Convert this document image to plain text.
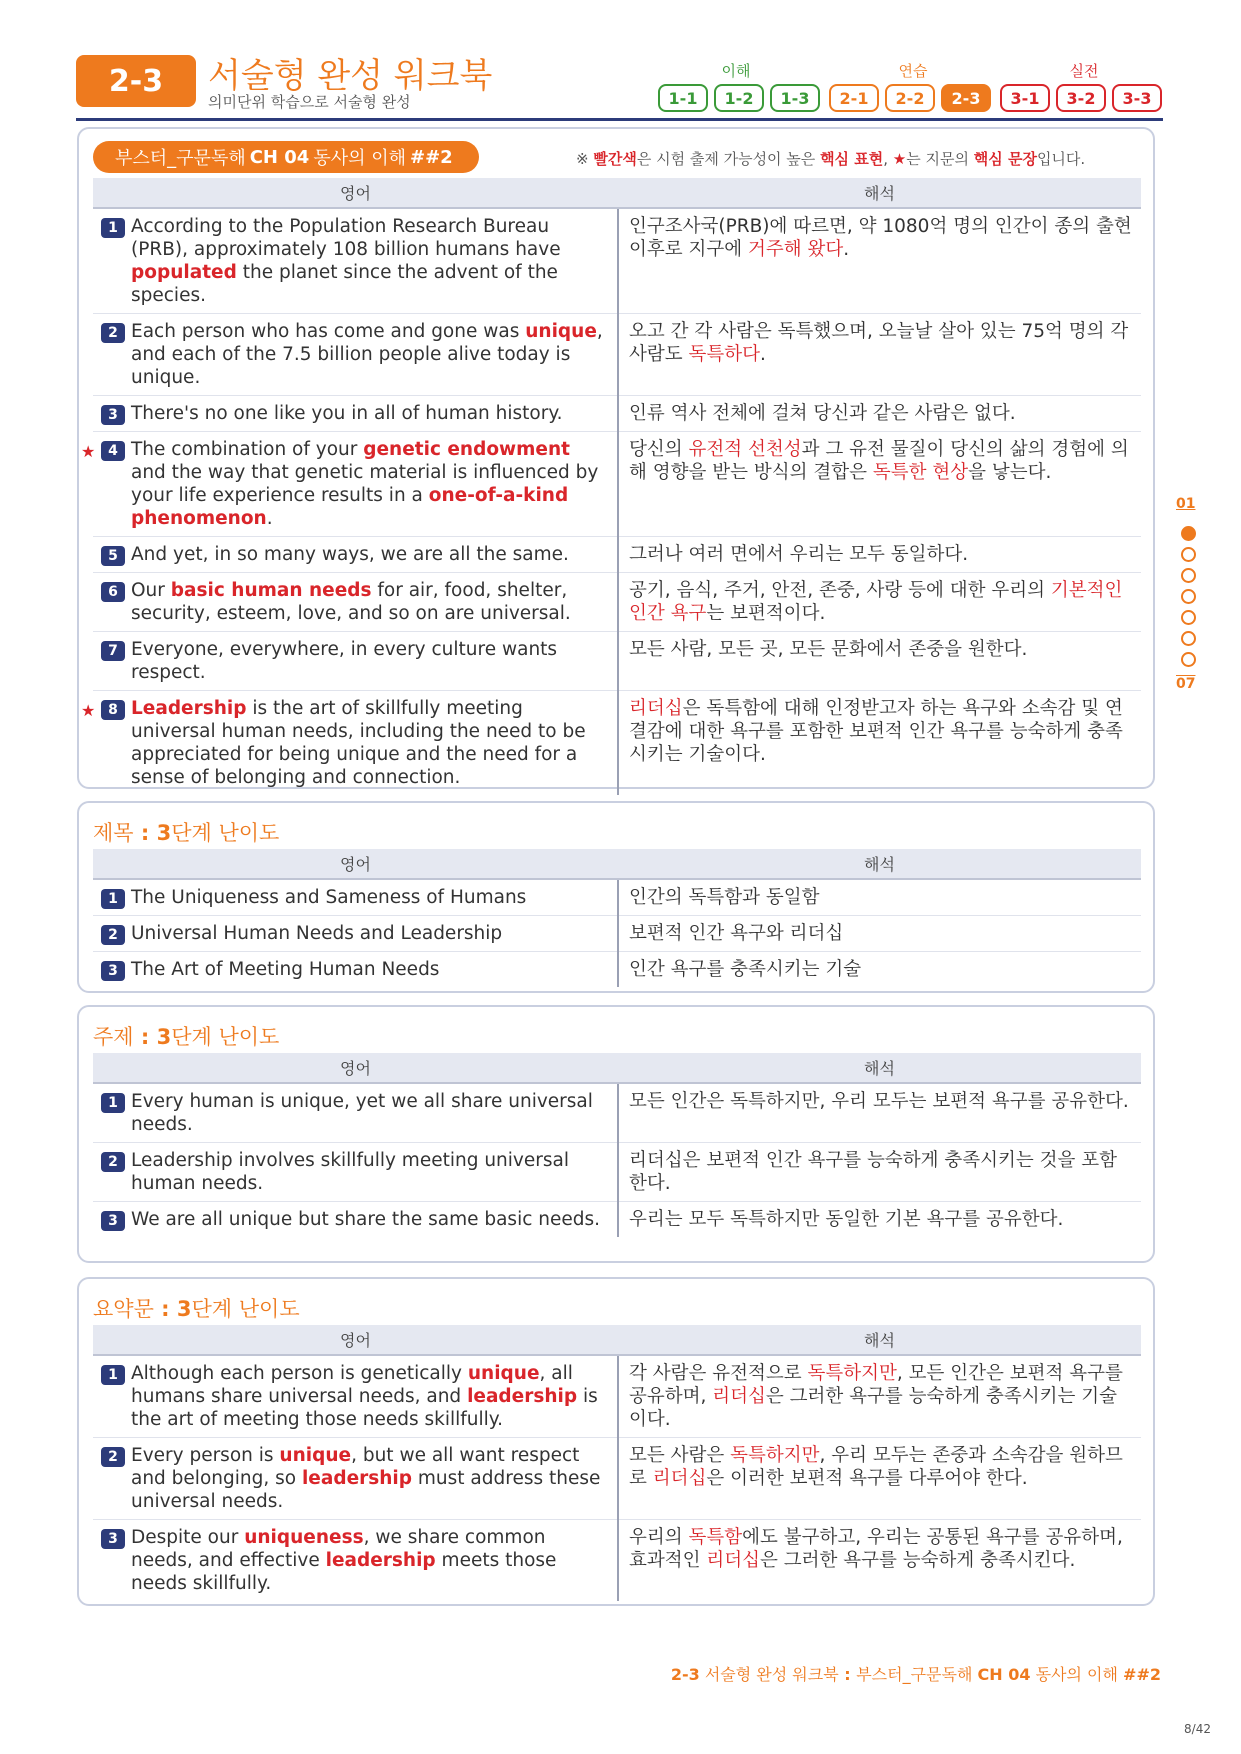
2-3	서술형 완성 워크북
의미단위 학습으로 서술형 완성
이해	연습	실전
1-1	1-2	1-3	2-1	2-2	2-3	3-1	3-2	3-3
01
07
부스터_구문독해 CH 04 동사의 이해 ##2	※ 빨간색은 시험 출제 가능성이 높은 핵심 표현, ★는 지문의 핵심 문장입니다.
영어	해석

1 According to the Population Research Bureau (PRB), approximately 108 billion humans have populated the planet since the advent of the species.	인구조사국(PRB)에 따르면, 약 1080억 명의 인간이 종의 출현 이후로 지구에 거주해 왔다.

2 Each person who has come and gone was unique, and each of the 7.5 billion people alive today is unique.	오고 간 각 사람은 독특했으며, 오늘날 살아 있는 75억 명의 각 사람도 독특하다.

3 There's no one like you in all of human history.	인류 역사 전체에 걸쳐 당신과 같은 사람은 없다.

★ 4 The combination of your genetic endowment and the way that genetic material is influenced by your life experience results in a one-of-a-kind phenomenon.	당신의 유전적 선천성과 그 유전 물질이 당신의 삶의 경험에 의해 영향을 받는 방식의 결합은 독특한 현상을 낳는다.

5 And yet, in so many ways, we are all the same.	그러나 여러 면에서 우리는 모두 동일하다.

6 Our basic human needs for air, food, shelter, security, esteem, love, and so on are universal.	공기, 음식, 주거, 안전, 존중, 사랑 등에 대한 우리의 기본적인 인간 욕구는 보편적이다.

7 Everyone, everywhere, in every culture wants respect.	모든 사람, 모든 곳, 모든 문화에서 존중을 원한다.

★ 8 Leadership is the art of skillfully meeting universal human needs, including the need to be appreciated for being unique and the need for a sense of belonging and connection.	리더십은 독특함에 대해 인정받고자 하는 욕구와 소속감 및 연결감에 대한 욕구를 포함한 보편적 인간 욕구를 능숙하게 충족시키는 기술이다.
제목 : 3단계 난이도
영어	해석

1 The Uniqueness and Sameness of Humans	인간의 독특함과 동일함

2 Universal Human Needs and Leadership	보편적 인간 욕구와 리더십

3 The Art of Meeting Human Needs	인간 욕구를 충족시키는 기술
주제 : 3단계 난이도
영어	해석

1 Every human is unique, yet we all share universal needs.	모든 인간은 독특하지만, 우리 모두는 보편적 욕구를 공유한다.

2 Leadership involves skillfully meeting universal human needs.	리더십은 보편적 인간 욕구를 능숙하게 충족시키는 것을 포함한다.

3 We are all unique but share the same basic needs.	우리는 모두 독특하지만 동일한 기본 욕구를 공유한다.
요약문 : 3단계 난이도
영어	해석

1 Although each person is genetically unique, all humans share universal needs, and leadership is the art of meeting those needs skillfully.	각 사람은 유전적으로 독특하지만, 모든 인간은 보편적 욕구를 공유하며, 리더십은 그러한 욕구를 능숙하게 충족시키는 기술이다.

2 Every person is unique, but we all want respect and belonging, so leadership must address these universal needs.	모든 사람은 독특하지만, 우리 모두는 존중과 소속감을 원하므로 리더십은 이러한 보편적 욕구를 다루어야 한다.

3 Despite our uniqueness, we share common needs, and effective leadership meets those needs skillfully.	우리의 독특함에도 불구하고, 우리는 공통된 욕구를 공유하며, 효과적인 리더십은 그러한 욕구를 능숙하게 충족시킨다.
2-3 서술형 완성 워크북 : 부스터_구문독해 CH 04 동사의 이해 ##2
8/42
